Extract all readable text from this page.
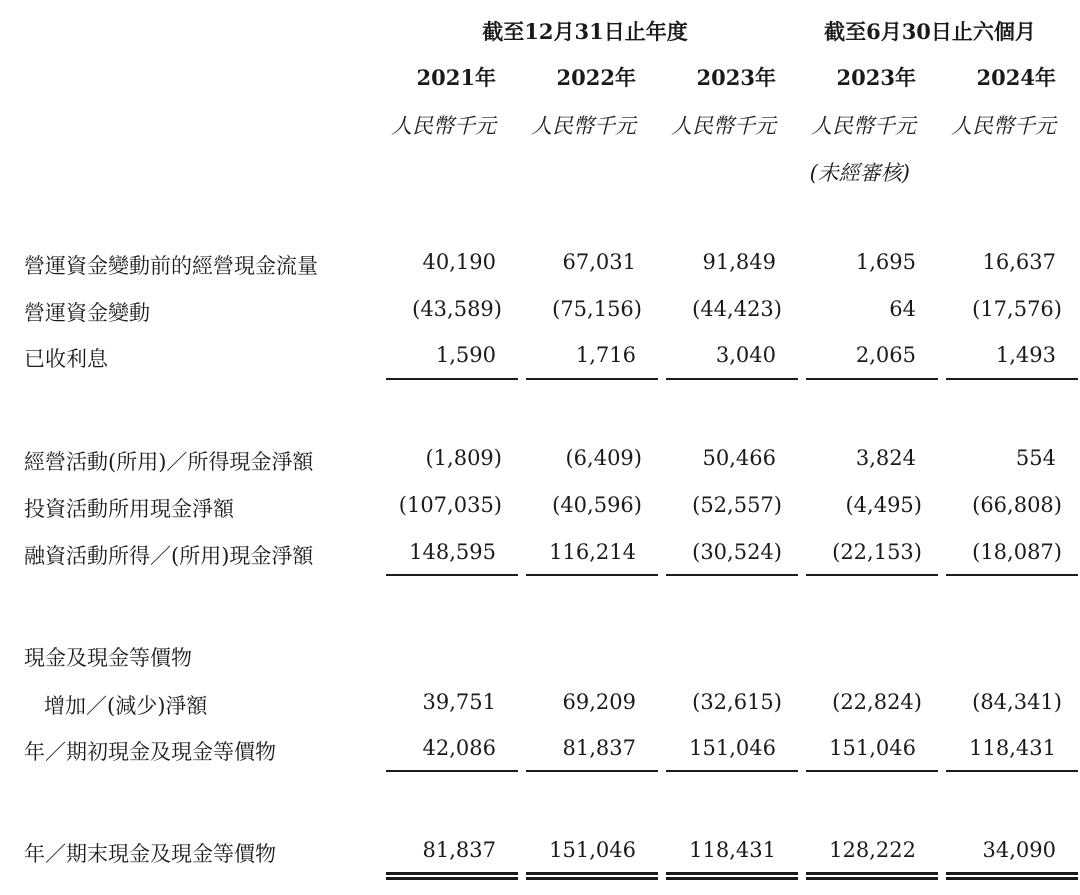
截至12月31日止年度	截至6月30日止六個月
2021年	2022年	2023年	2023年	2024年
人民幣千元	人民幣千元	人民幣千元	人民幣千元	人民幣千元
(未經審核)
營運資金變動前的經營現金流量	40,190	67,031	91,849	1,695	16,637
營運資金變動	(43,589)	(75,156)	(44,423)	64	(17,576)
已收利息	1,590	1,716	3,040	2,065	1,493
經營活動(所用)／所得現金淨額	(1,809)	(6,409)	50,466	3,824	554
投資活動所用現金淨額	(107,035)	(40,596)	(52,557)	(4,495)	(66,808)
融資活動所得／(所用)現金淨額	148,595	116,214	(30,524)	(22,153)	(18,087)
現金及現金等價物
增加／(減少)淨額	39,751	69,209	(32,615)	(22,824)	(84,341)
年／期初現金及現金等價物	42,086	81,837	151,046	151,046	118,431
年／期末現金及現金等價物	81,837	151,046	118,431	128,222	34,090
